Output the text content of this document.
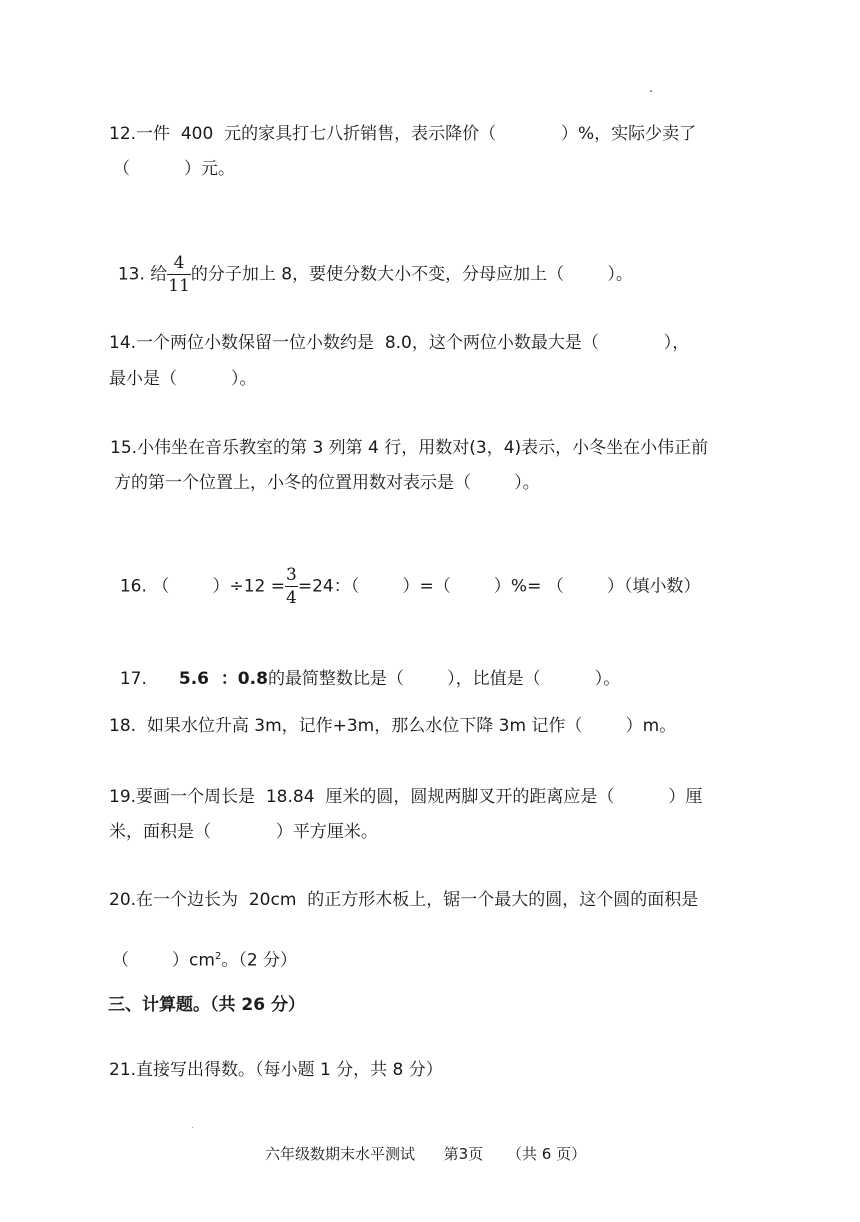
12.一件  400  元的家具打七八折销售，表示降价（            ）%，实际少卖了
（          ）元。

13. 给 $\frac{4}{11}$ 的分子加上 8，要使分数大小不变，分母应加上（        ）。

14.一个两位小数保留一位小数约是  8.0，这个两位小数最大是（            ），
最小是（          ）。
15.小伟坐在音乐教室的第 3 列第 4 行，用数对(3，4)表示，小冬坐在小伟正前
方的第一个位置上，小冬的位置用数对表示是（        ）。

16. （        ）$\div 12 = \frac{3}{4} =24$：（        ）=（        ）%= （        ）（填小数）

17. 5.6  ：0.8的最简整数比是（        ），比值是（          ）。

18.  如果水位升高 3m，记作+3m，那么水位下降 3m 记作（        ）m。
19.要画一个周长是  18.84  厘米的圆，圆规两脚叉开的距离应是（          ）厘
米，面积是（            ）平方厘米。
20.在一个边长为  20cm  的正方形木板上，锯一个最大的圆，这个圆的面积是

（        ）$cm^2$。（2 分）

三、计算题。（共 26 分）
21.直接写出得数。（每小题 1 分，共 8 分）
六年级数期末水平测试      第3页     （共 6 页）
